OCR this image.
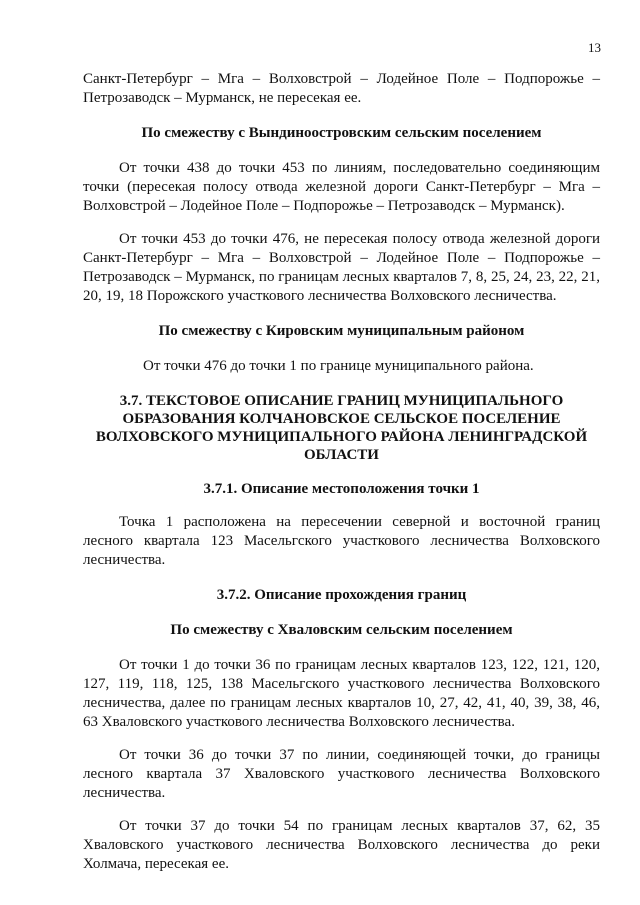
13

Санкт-Петербург – Мга – Волховстрой – Лодейное Поле – Подпорожье – Петрозаводск – Мурманск, не пересекая ее.

По смежеству с Вындиноостровским сельским поселением

От точки 438 до точки 453 по линиям, последовательно соединяющим точки (пересекая полосу отвода железной дороги Санкт-Петербург – Мга – Волховстрой – Лодейное Поле – Подпорожье – Петрозаводск – Мурманск).

От точки 453 до точки 476, не пересекая полосу отвода железной дороги Санкт-Петербург – Мга – Волховстрой – Лодейное Поле – Подпорожье – Петрозаводск – Мурманск, по границам лесных кварталов 7, 8, 25, 24, 23, 22, 21, 20, 19, 18 Порожского участкового лесничества Волховского лесничества.

По смежеству с Кировским муниципальным районом

От точки 476 до точки 1 по границе муниципального района.

3.7. ТЕКСТОВОЕ ОПИСАНИЕ ГРАНИЦ МУНИЦИПАЛЬНОГО ОБРАЗОВАНИЯ КОЛЧАНОВСКОЕ СЕЛЬСКОЕ ПОСЕЛЕНИЕ ВОЛХОВСКОГО МУНИЦИПАЛЬНОГО РАЙОНА ЛЕНИНГРАДСКОЙ ОБЛАСТИ

3.7.1. Описание местоположения точки 1

Точка 1 расположена на пересечении северной и восточной границ лесного квартала 123 Масельгского участкового лесничества Волховского лесничества.

3.7.2. Описание прохождения границ

По смежеству с Хваловским сельским поселением

От точки 1 до точки 36 по границам лесных кварталов 123, 122, 121, 120, 127, 119, 118, 125, 138 Масельгского участкового лесничества Волховского лесничества, далее по границам лесных кварталов 10, 27, 42, 41, 40, 39, 38, 46, 63 Хваловского участкового лесничества Волховского лесничества.

От точки 36 до точки 37 по линии, соединяющей точки, до границы лесного квартала 37 Хваловского участкового лесничества Волховского лесничества.

От точки 37 до точки 54 по границам лесных кварталов 37, 62, 35 Хваловского участкового лесничества Волховского лесничества до реки Холмача, пересекая ее.
